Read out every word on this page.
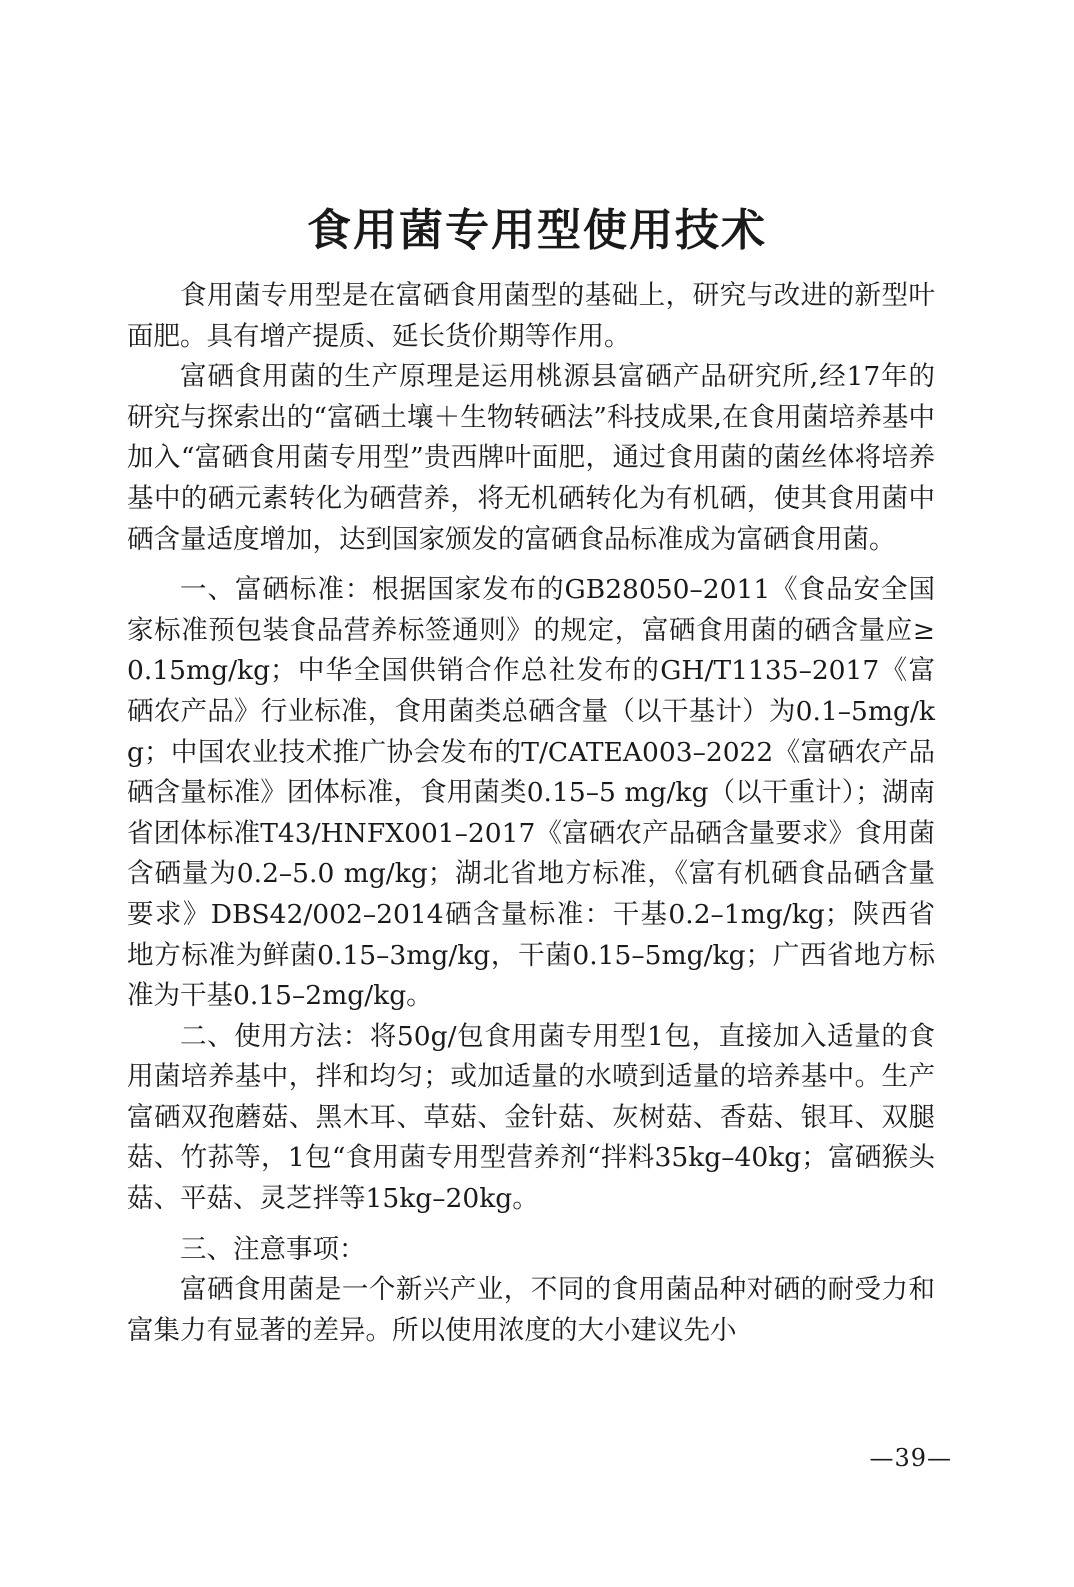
食用菌专用型使用技术

食用菌专用型是在富硒食用菌型的基础上，研究与改进的新型叶面肥。具有增产提质、延长货价期等作用。

富硒食用菌的生产原理是运用桃源县富硒产品研究所,经17年的研究与探索出的“富硒土壤＋生物转硒法”科技成果,在食用菌培养基中加入“富硒食用菌专用型”贵西牌叶面肥，通过食用菌的菌丝体将培养基中的硒元素转化为硒营养，将无机硒转化为有机硒，使其食用菌中硒含量适度增加，达到国家颁发的富硒食品标准成为富硒食用菌。

一、富硒标准：根据国家发布的GB28050–2011《食品安全国家标准预包装食品营养标签通则》的规定，富硒食用菌的硒含量应≥0.15mg/kg；中华全国供销合作总社发布的GH/T1135–2017《富硒农产品》行业标准，食用菌类总硒含量（以干基计）为0.1–5mg/kg；中国农业技术推广协会发布的T/CATEA003–2022《富硒农产品硒含量标准》团体标准，食用菌类0.15–5 mg/kg（以干重计）；湖南省团体标准T43/HNFX001–2017《富硒农产品硒含量要求》食用菌含硒量为0.2–5.0 mg/kg；湖北省地方标准，《富有机硒食品硒含量要求》DBS42/002–2014硒含量标准：干基0.2–1mg/kg；陕西省地方标准为鲜菌0.15–3mg/kg，干菌0.15–5mg/kg；广西省地方标准为干基0.15–2mg/kg。

二、使用方法：将50g/包食用菌专用型1包，直接加入适量的食用菌培养基中，拌和均匀；或加适量的水喷到适量的培养基中。生产富硒双孢蘑菇、黑木耳、草菇、金针菇、灰树菇、香菇、银耳、双腿菇、竹荪等，1包“食用菌专用型营养剂“拌料35kg–40kg；富硒猴头菇、平菇、灵芝拌等15kg–20kg。

三、注意事项：

富硒食用菌是一个新兴产业，不同的食用菌品种对硒的耐受力和富集力有显著的差异。所以使用浓度的大小建议先小

—39—
